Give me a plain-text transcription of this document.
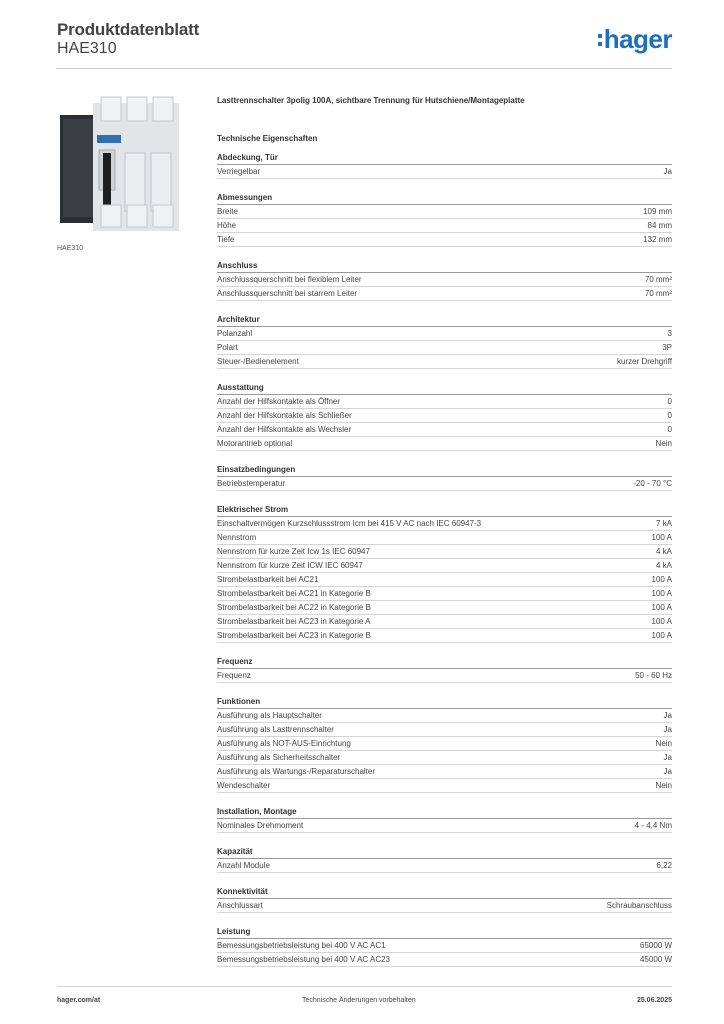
Produktdatenblatt
HAE310	hager
HAE310
Lasttrennschalter 3polig 100A, sichtbare Trennung für Hutschiene/Montageplatte
Technische Eigenschaften
Abdeckung, Tür
Verriegelbar	Ja
Abmessungen
Breite	109 mm
Höhe	84 mm
Tiefe	132 mm
Anschluss
Anschlussquerschnitt bei flexiblem Leiter	70 mm²
Anschlussquerschnitt bei starrem Leiter	70 mm²
Architektur
Polanzahl	3
Polart	3P
Steuer-/Bedienelement	kurzer Drehgriff
Ausstattung
Anzahl der Hilfskontakte als Öffner	0
Anzahl der Hilfskontakte als Schließer	0
Anzahl der Hilfskontakte als Wechsler	0
Motorantrieb optional	Nein
Einsatzbedingungen
Betriebstemperatur	-20 - 70 °C
Elektrischer Strom
Einschaltvermögen Kurzschlussstrom Icm bei 415 V AC nach IEC 60947-3	7 kA
Nennstrom	100 A
Nennstrom für kurze Zeit Icw 1s IEC 60947	4 kA
Nennstrom für kurze Zeit ICW IEC 60947	4 kA
Strombelastbarkeit bei AC21	100 A
Strombelastbarkeit bei AC21 in Kategorie B	100 A
Strombelastbarkeit bei AC22 in Kategorie B	100 A
Strombelastbarkeit bei AC23 in Kategorie A	100 A
Strombelastbarkeit bei AC23 in Kategorie B	100 A
Frequenz
Frequenz	50 - 60 Hz
Funktionen
Ausführung als Hauptschalter	Ja
Ausführung als Lasttrennschalter	Ja
Ausführung als NOT-AUS-Einrichtung	Nein
Ausführung als Sicherheitsschalter	Ja
Ausführung als Wartungs-/Reparaturschalter	Ja
Wendeschalter	Nein
Installation, Montage
Nominales Drehmoment	4 - 4,4 Nm
Kapazität
Anzahl Module	6,22
Konnektivität
Anschlussart	Schraubanschluss
Leistung
Bemessungsbetriebsleistung bei 400 V AC AC1	65000 W
Bemessungsbetriebsleistung bei 400 V AC AC23	45000 W
hager.com/at	Technische Änderungen vorbehalten	25.06.2025
